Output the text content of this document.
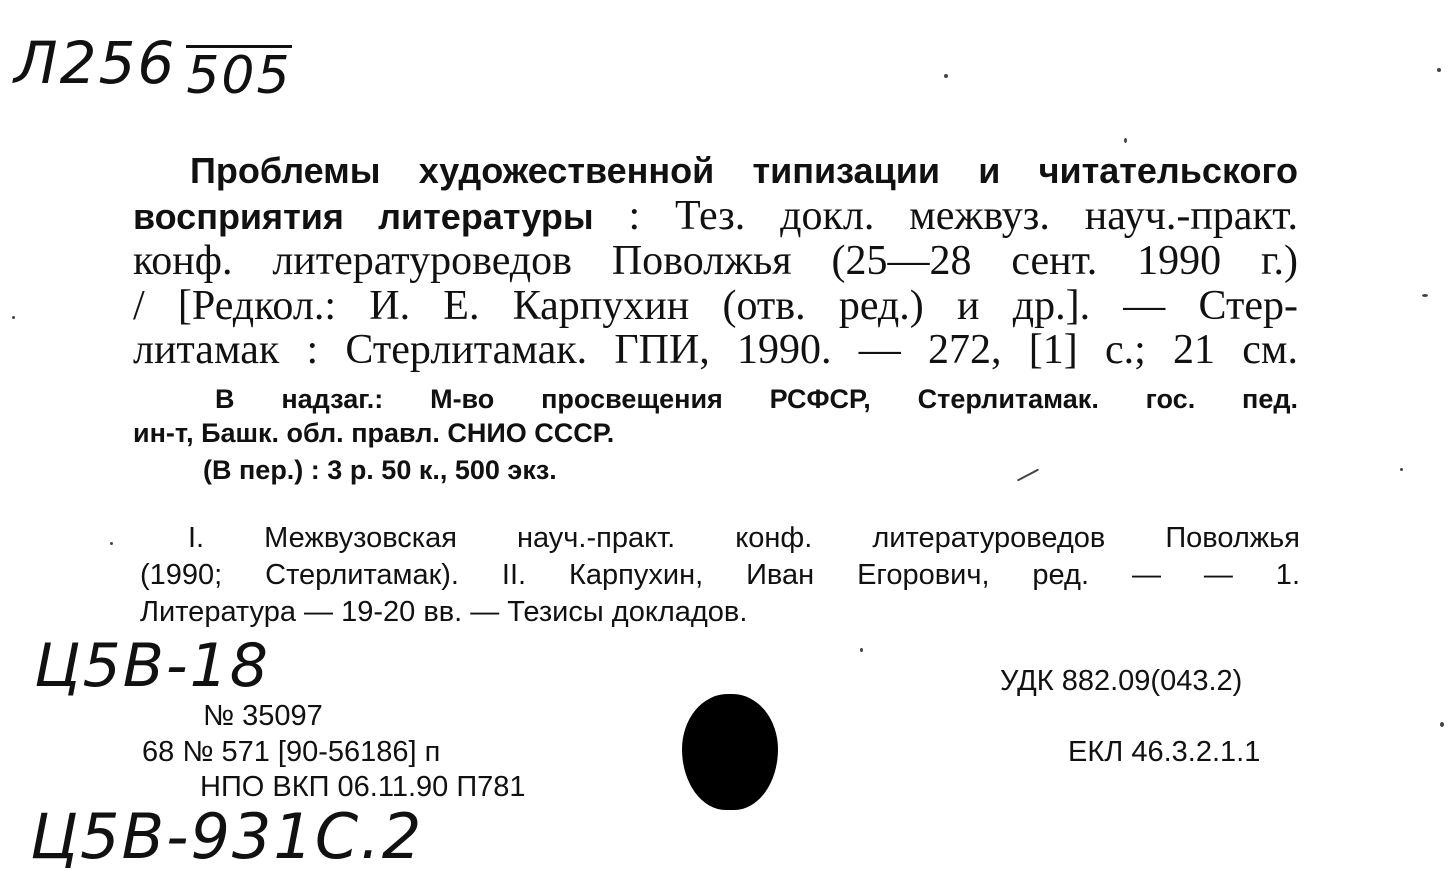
Л256 505
Проблемы художественной типизации и читательского
восприятия литературы : Тез. докл. межвуз. науч.-практ.
конф. литературоведов Поволжья (25—28 сент. 1990 г.)
/ [Редкол.: И. Е. Карпухин (отв. ред.) и др.]. — Стер-
литамак : Стерлитамак. ГПИ, 1990. — 272, [1] с.; 21 см.
В надзаг.: М-во просвещения РСФСР, Стерлитамак. гос. пед.
ин-т, Башк. обл. правл. СНИО СССР.
(В пер.) : 3 р. 50 к., 500 экз.
I. Межвузовская науч.-практ. конф. литературоведов Поволжья
(1990; Стерлитамак). II. Карпухин, Иван Егорович, ред. — — 1.
Литература — 19-20 вв. — Тезисы докладов.
Ц5В-18
№ 35097
68 № 571 [90-56186] п
НПО ВКП 06.11.90 П781
УДК 882.09(043.2)
ЕКЛ 46.3.2.1.1
Ц5В-931С.2
